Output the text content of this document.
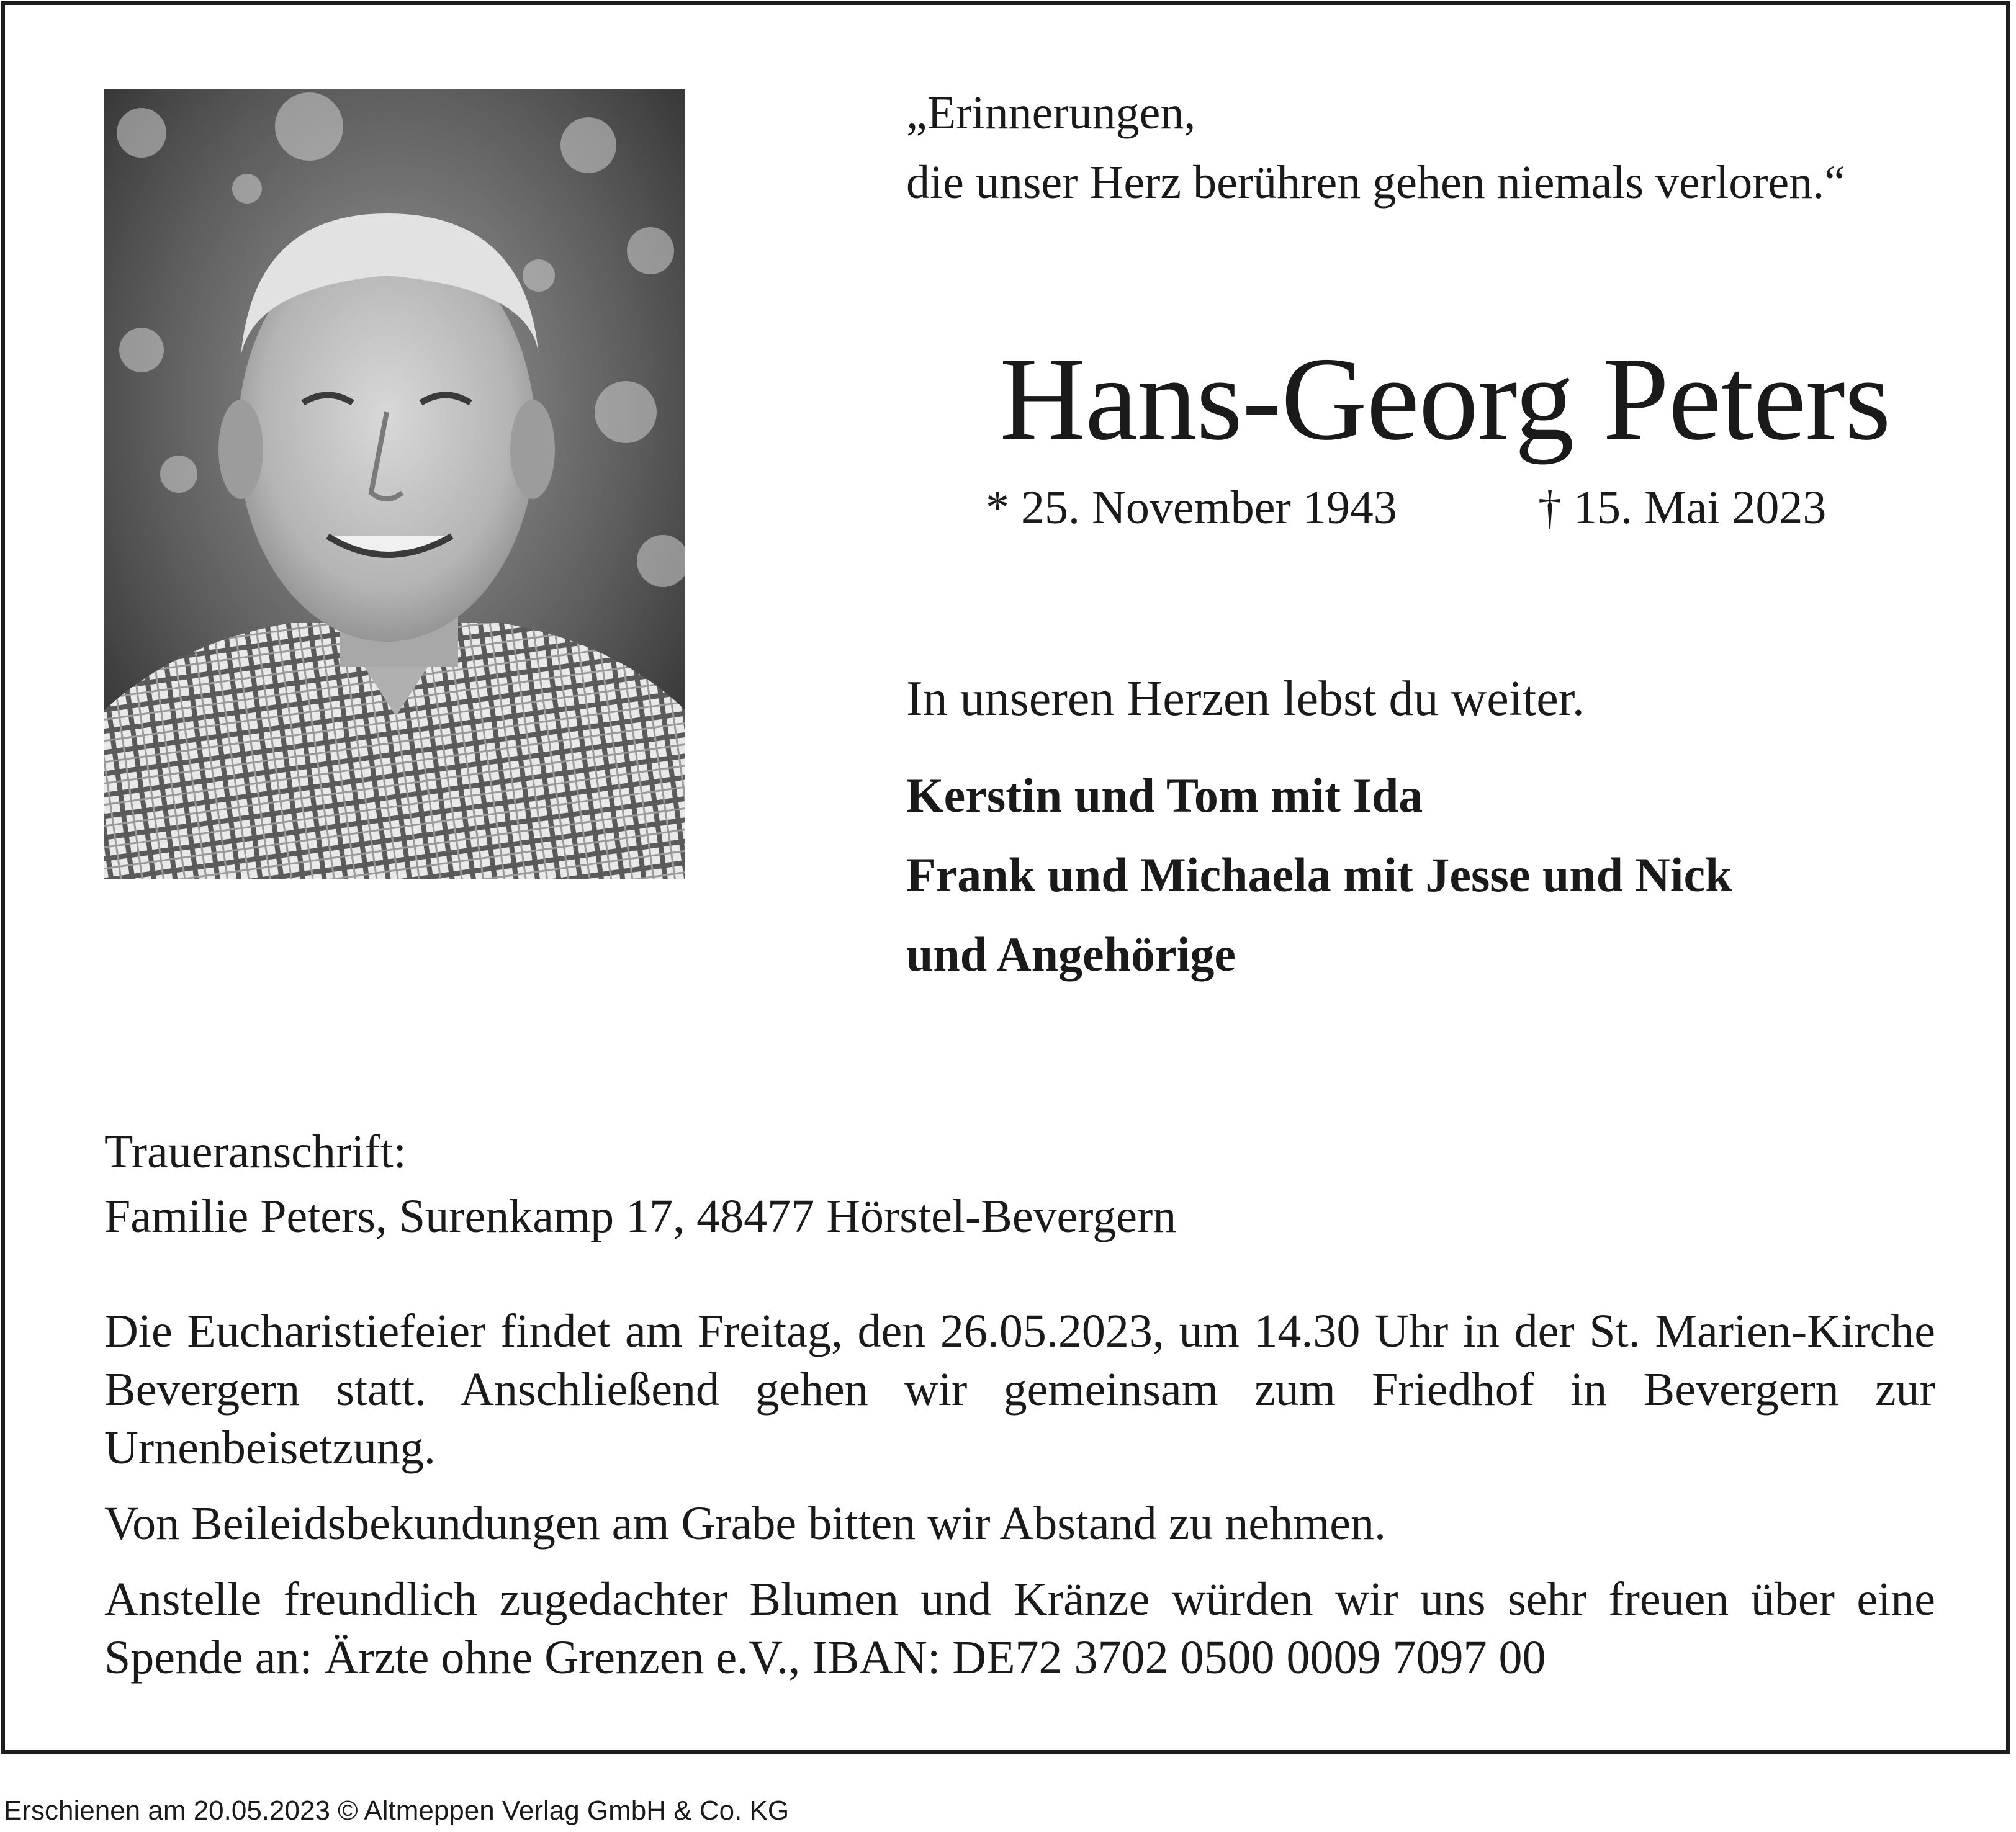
„Erinnerungen,
die unser Herz berühren gehen niemals verloren.“
Hans-Georg Peters
* 25. November 1943	† 15. Mai 2023
In unseren Herzen lebst du weiter.
Kerstin und Tom mit Ida
Frank und Michaela mit Jesse und Nick
und Angehörige
Traueranschrift:
Familie Peters, Surenkamp 17, 48477 Hörstel-Bevergern

Die Eucharistiefeier findet am Freitag, den 26.05.2023, um 14.30 Uhr in der St. Marien-Kirche Bevergern statt. Anschließend gehen wir gemeinsam zum Friedhof in Bevergern zur Urnenbeisetzung.

Von Beileidsbekundungen am Grabe bitten wir Abstand zu nehmen.

Anstelle freundlich zugedachter Blumen und Kränze würden wir uns sehr freuen über eine Spende an: Ärzte ohne Grenzen e.V., IBAN: DE72 3702 0500 0009 7097 00

Erschienen am 20.05.2023 © Altmeppen Verlag GmbH & Co. KG
